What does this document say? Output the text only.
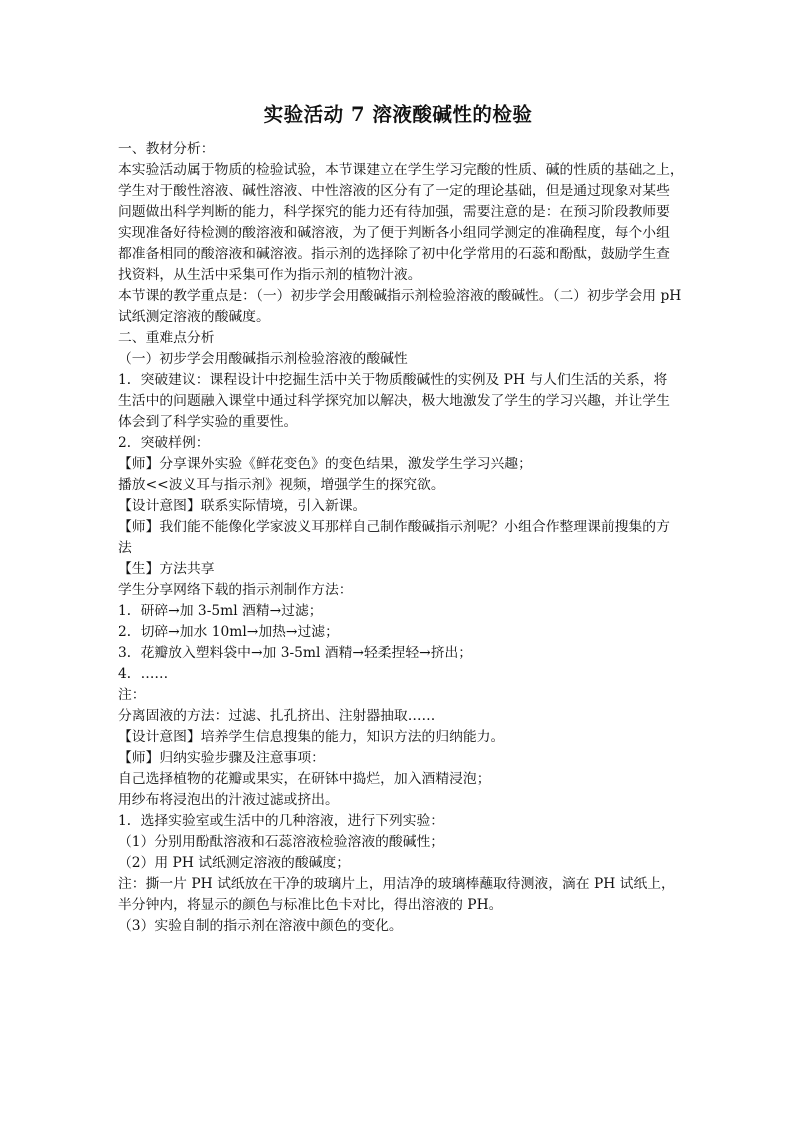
实验活动 7 溶液酸碱性的检验
一、教材分析：
本实验活动属于物质的检验试验，本节课建立在学生学习完酸的性质、碱的性质的基础之上，
学生对于酸性溶液、碱性溶液、中性溶液的区分有了一定的理论基础，但是通过现象对某些
问题做出科学判断的能力，科学探究的能力还有待加强，需要注意的是：在预习阶段教师要
实现准备好待检测的酸溶液和碱溶液，为了便于判断各小组同学测定的准确程度，每个小组
都准备相同的酸溶液和碱溶液。指示剂的选择除了初中化学常用的石蕊和酚酞，鼓励学生查
找资料，从生活中采集可作为指示剂的植物汁液。
本节课的教学重点是：（一）初步学会用酸碱指示剂检验溶液的酸碱性。（二）初步学会用 pH
试纸测定溶液的酸碱度。
二、重难点分析
（一）初步学会用酸碱指示剂检验溶液的酸碱性
1．突破建议：课程设计中挖掘生活中关于物质酸碱性的实例及 PH 与人们生活的关系，将
生活中的问题融入课堂中通过科学探究加以解决，极大地激发了学生的学习兴趣，并让学生
体会到了科学实验的重要性。
2．突破样例：
【师】分享课外实验《鲜花变色》的变色结果，激发学生学习兴趣；
播放<<波义耳与指示剂》视频，增强学生的探究欲。
【设计意图】联系实际情境，引入新课。
【师】我们能不能像化学家波义耳那样自己制作酸碱指示剂呢？小组合作整理课前搜集的方
法
【生】方法共享
学生分享网络下载的指示剂制作方法：
1．研碎→加 3-5ml 酒精→过滤；
2．切碎→加水 10ml→加热→过滤；
3．花瓣放入塑料袋中→加 3-5ml 酒精→轻柔捏轻→挤出；
4．……
注：
分离固液的方法：过滤、扎孔挤出、注射器抽取……
【设计意图】培养学生信息搜集的能力，知识方法的归纳能力。
【师】归纳实验步骤及注意事项：
自己选择植物的花瓣或果实，在研钵中捣烂，加入酒精浸泡；
用纱布将浸泡出的汁液过滤或挤出。
1．选择实验室或生活中的几种溶液，进行下列实验：
（1）分别用酚酞溶液和石蕊溶液检验溶液的酸碱性；
（2）用 PH 试纸测定溶液的酸碱度；
注：撕一片 PH 试纸放在干净的玻璃片上，用洁净的玻璃棒蘸取待测液，滴在 PH 试纸上，
半分钟内，将显示的颜色与标准比色卡对比，得出溶液的 PH。
（3）实验自制的指示剂在溶液中颜色的变化。
